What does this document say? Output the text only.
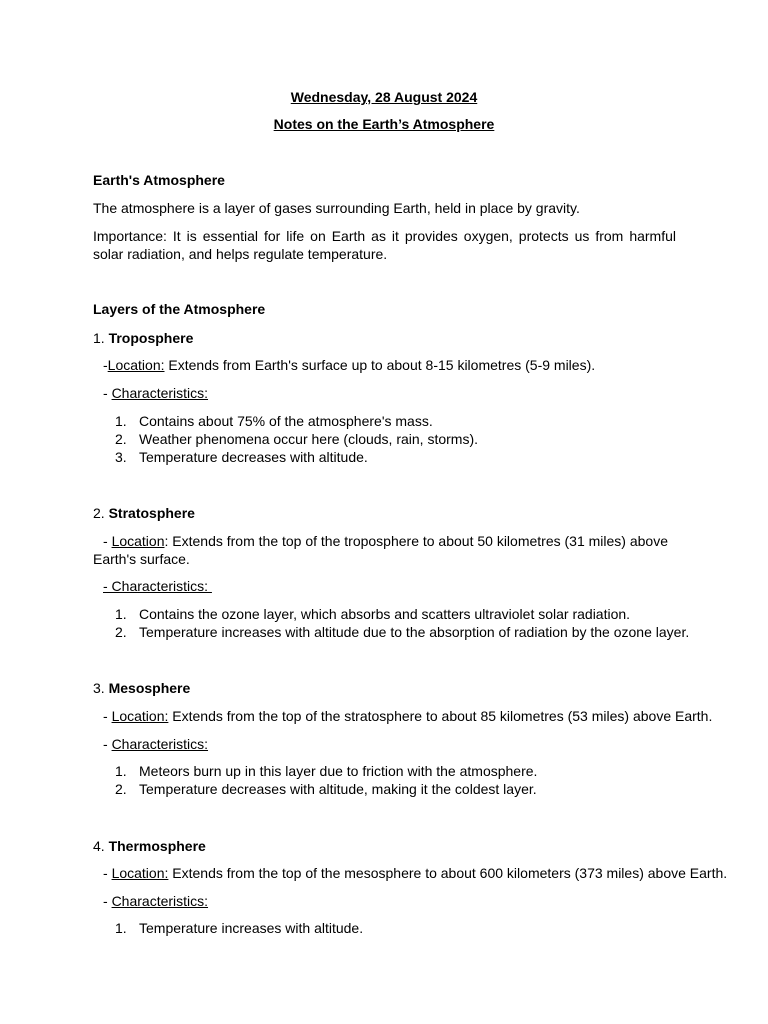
Wednesday, 28 August 2024
Notes on the Earth’s Atmosphere
Earth's Atmosphere
The atmosphere is a layer of gases surrounding Earth, held in place by gravity.
Importance: It is essential for life on Earth as it provides oxygen, protects us from harmful solar radiation, and helps regulate temperature.
Layers of the Atmosphere
1. Troposphere
-Location: Extends from Earth's surface up to about 8-15 kilometres (5-9 miles).
- Characteristics:
1. Contains about 75% of the atmosphere's mass.
2. Weather phenomena occur here (clouds, rain, storms).
3. Temperature decreases with altitude.
2. Stratosphere
- Location: Extends from the top of the troposphere to about 50 kilometres (31 miles) above Earth's surface.
- Characteristics:
1. Contains the ozone layer, which absorbs and scatters ultraviolet solar radiation.
2. Temperature increases with altitude due to the absorption of radiation by the ozone layer.
3. Mesosphere
- Location: Extends from the top of the stratosphere to about 85 kilometres (53 miles) above Earth.
- Characteristics:
1. Meteors burn up in this layer due to friction with the atmosphere.
2. Temperature decreases with altitude, making it the coldest layer.
4. Thermosphere
- Location: Extends from the top of the mesosphere to about 600 kilometers (373 miles) above Earth.
- Characteristics:
1. Temperature increases with altitude.
